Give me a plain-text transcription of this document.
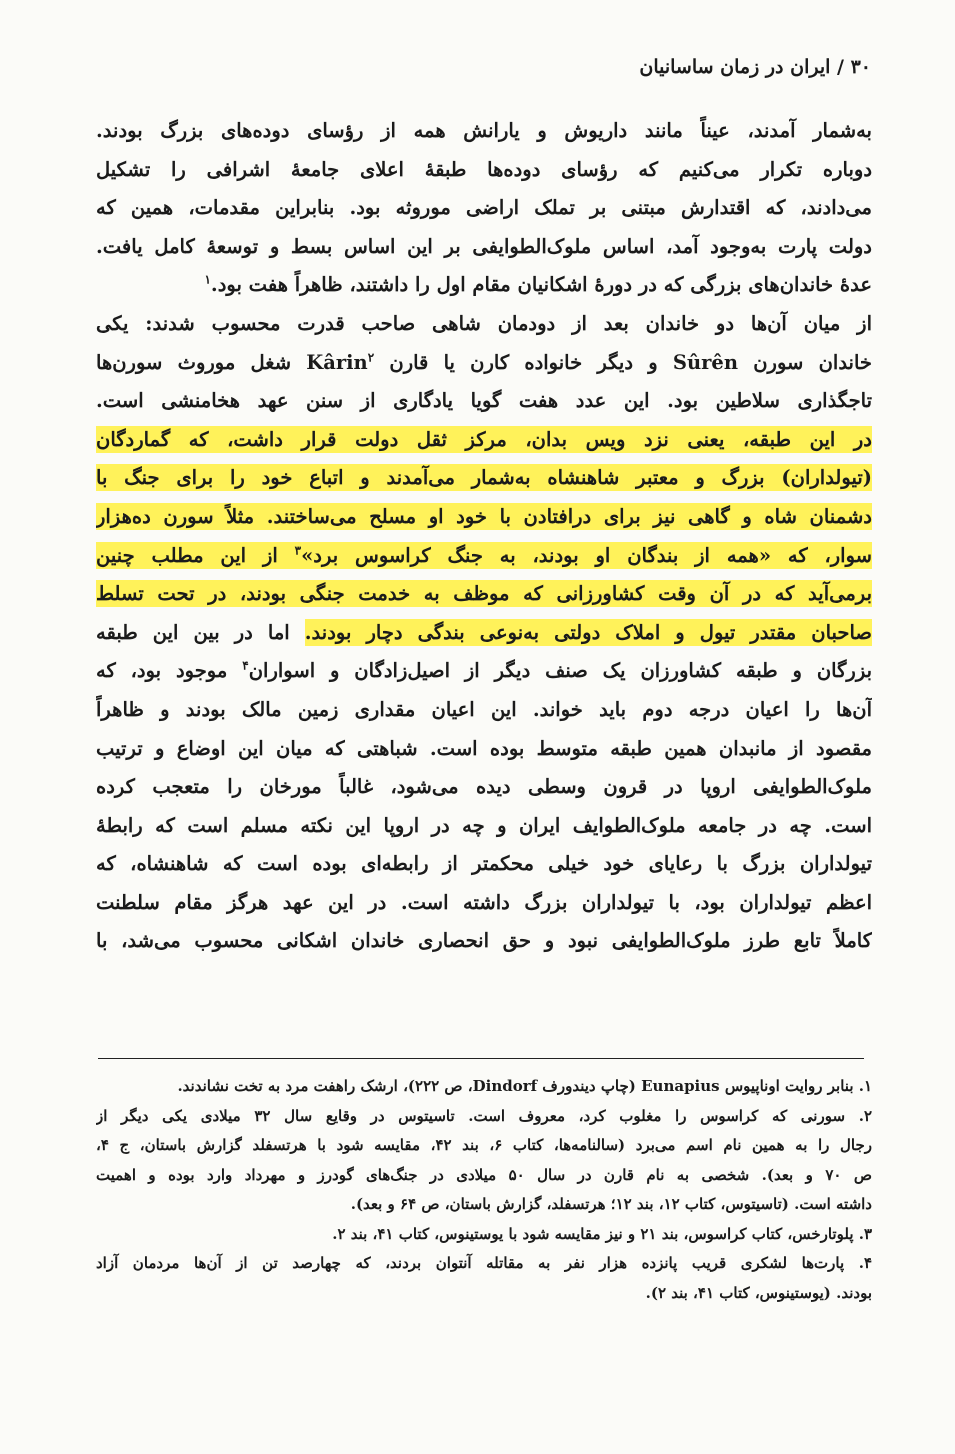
۳۰ / ایران در زمان ساسانیان
به‌شمار آمدند، عیناً مانند داریوش و یارانش همه از رؤسای دوده‌های بزرگ بودند.
دوباره تکرار می‌کنیم که رؤسای دوده‌ها طبقهٔ اعلای جامعهٔ اشرافی را تشکیل
می‌دادند، که اقتدارش مبتنی بر تملک اراضی موروثه بود. بنابراین مقدمات، همین که
دولت پارت به‌وجود آمد، اساس ملوک‌الطوایفی بر این اساس بسط و توسعهٔ کامل یافت.
عدهٔ خاندان‌های بزرگی که در دورهٔ اشکانیان مقام اول را داشتند، ظاهراً هفت بود.$^۱$
از میان آن‌ها دو خاندان بعد از دودمان شاهی صاحب قدرت محسوب شدند: یکی
خاندان سورن Sûrên و دیگر خانواده کارن یا قارن Kârin$^۲$ شغل موروث سورن‌ها
تاجگذاری سلاطین بود. این عدد هفت گویا یادگاری از سنن عهد هخامنشی است.
در این طبقه، یعنی نزد ویس بدان، مرکز ثقل دولت قرار داشت، که گماردگان
(تیولداران) بزرگ و معتبر شاهنشاه به‌شمار می‌آمدند و اتباع خود را برای جنگ با
دشمنان شاه و گاهی نیز برای درافتادن با خود او مسلح می‌ساختند. مثلاً سورن ده‌هزار
سوار، که «همه از بندگان او بودند، به جنگ کراسوس برد»$^۳$ از این مطلب چنین
برمی‌آید که در آن وقت کشاورزانی که موظف به خدمت جنگی بودند، در تحت تسلط
صاحبان مقتدر تیول و املاک دولتی به‌نوعی بندگی دچار بودند. اما در بین این طبقه
بزرگان و طبقه کشاورزان یک صنف دیگر از اصیل‌زادگان و اسواران$^۴$ موجود بود، که
آن‌ها را اعیان درجه دوم باید خواند. این اعیان مقداری زمین مالک بودند و ظاهراً
مقصود از مانبدان همین طبقه متوسط بوده است. شباهتی که میان این اوضاع و ترتیب
ملوک‌الطوایفی اروپا در قرون وسطی دیده می‌شود، غالباً مورخان را متعجب کرده
است. چه در جامعه ملوک‌الطوایف ایران و چه در اروپا این نکته مسلم است که رابطهٔ
تیولداران بزرگ با رعایای خود خیلی محکمتر از رابطه‌ای بوده است که شاهنشاه، که
اعظم تیولداران بود، با تیولداران بزرگ داشته است. در این عهد هرگز مقام سلطنت
کاملاً تابع طرز ملوک‌الطوایفی نبود و حق انحصاری خاندان اشکانی محسوب می‌شد، با
۱. بنابر روایت اوناپیوس Eunapius (چاپ دیندورف Dindorf، ص ۲۲۲)، ارشک راهفت مرد به تخت نشاندند.
۲. سورنی که کراسوس را مغلوب کرد، معروف است. تاسیتوس در وقایع سال ۳۲ میلادی یکی دیگر از
رجال را به همین نام اسم می‌برد (سالنامه‌ها، کتاب ۶، بند ۴۲، مقایسه شود با هرتسفلد گزارش باستان، ج ۴،
ص ۷۰ و بعد). شخصی به نام قارن در سال ۵۰ میلادی در جنگ‌های گودرز و مهرداد وارد بوده و اهمیت
داشته است. (تاسیتوس، کتاب ۱۲، بند ۱۲؛ هرتسفلد، گزارش باستان، ص ۶۴ و بعد).
۳. پلوتارخس، کتاب کراسوس، بند ۲۱ و نیز مقایسه شود با یوستینوس، کتاب ۴۱، بند ۲.
۴. پارت‌ها لشکری قریب پانزده هزار نفر به مقاتله آنتوان بردند، که چهارصد تن از آن‌ها مردمان آزاد
بودند. (یوستینوس، کتاب ۴۱، بند ۲).
